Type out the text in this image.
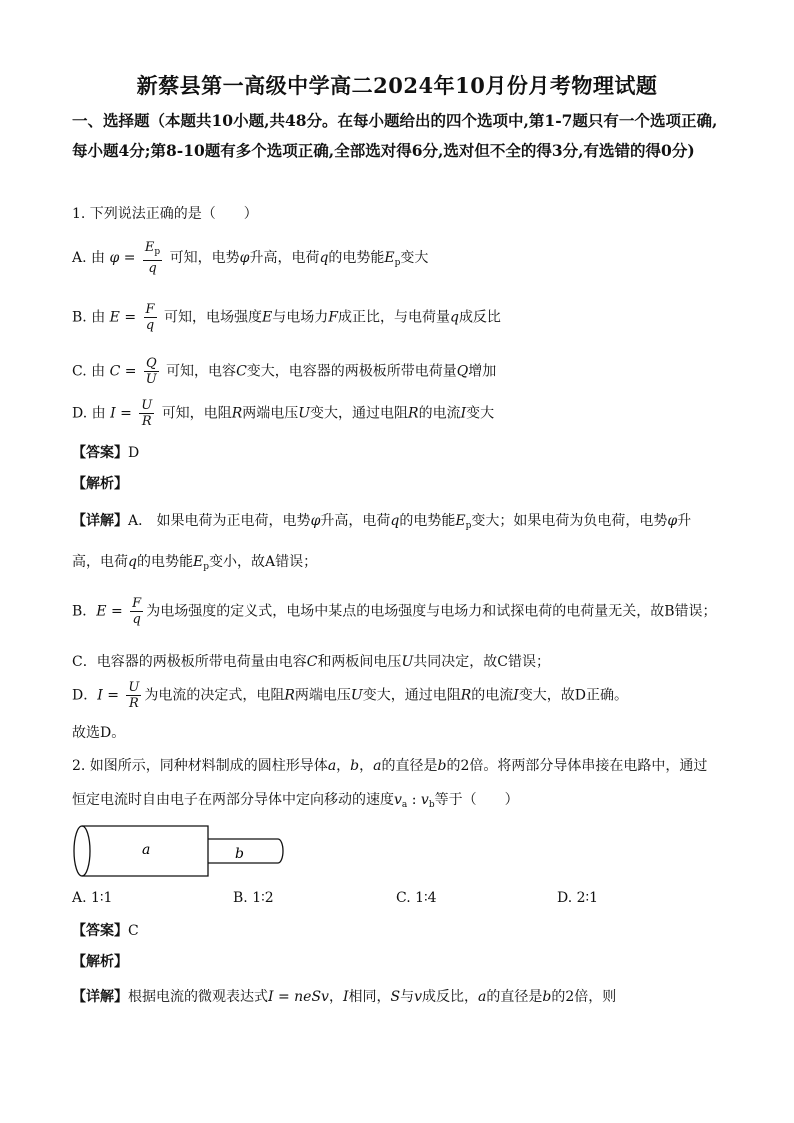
新蔡县第一高级中学高二2024年10月份月考物理试题
一、选择题（本题共10小题,共48分。在每小题给出的四个选项中,第1-7题只有一个选项正确,每小题4分;第8-10题有多个选项正确,全部选对得6分,选对但不全的得3分,有选错的得0分)
1. 下列说法正确的是（　　）
A. 由 $\varphi = \frac{E_p}{q}$ 可知，电势φ升高，电荷q的电势能$E_p$变大
B. 由 $E = \frac{F}{q}$ 可知，电场强度E与电场力F成正比，与电荷量q成反比
C. 由 $C = \frac{Q}{U}$ 可知，电容C变大，电容器的两极板所带电荷量Q增加
D. 由 $I = \frac{U}{R}$ 可知，电阻R两端电压U变大，通过电阻R的电流I变大
【答案】D
【解析】
【详解】A． 如果电荷为正电荷，电势φ升高，电荷q的电势能$E_p$变大；如果电荷为负电荷，电势φ升
高，电荷q的电势能$E_p$变小，故A错误；
B．$E = \frac{F}{q}$ 为电场强度的定义式，电场中某点的电场强度与电场力和试探电荷的电荷量无关，故B错误；
C．电容器的两极板所带电荷量由电容C和两板间电压U共同决定，故C错误；
D．$I = \frac{U}{R}$ 为电流的决定式，电阻R两端电压U变大，通过电阻R的电流I变大，故D正确。
故选D。
2. 如图所示，同种材料制成的圆柱形导体a，b，a的直径是b的2倍。将两部分导体串接在电路中，通过
恒定电流时自由电子在两部分导体中定向移动的速度$v_a$ : $v_b$等于（　　）
a	b
A. 1∶1	B. 1∶2	C. 1∶4	D. 2∶1
【答案】C
【解析】
【详解】根据电流的微观表达式I = neSv，I相同，S与v成反比，a的直径是b的2倍，则
